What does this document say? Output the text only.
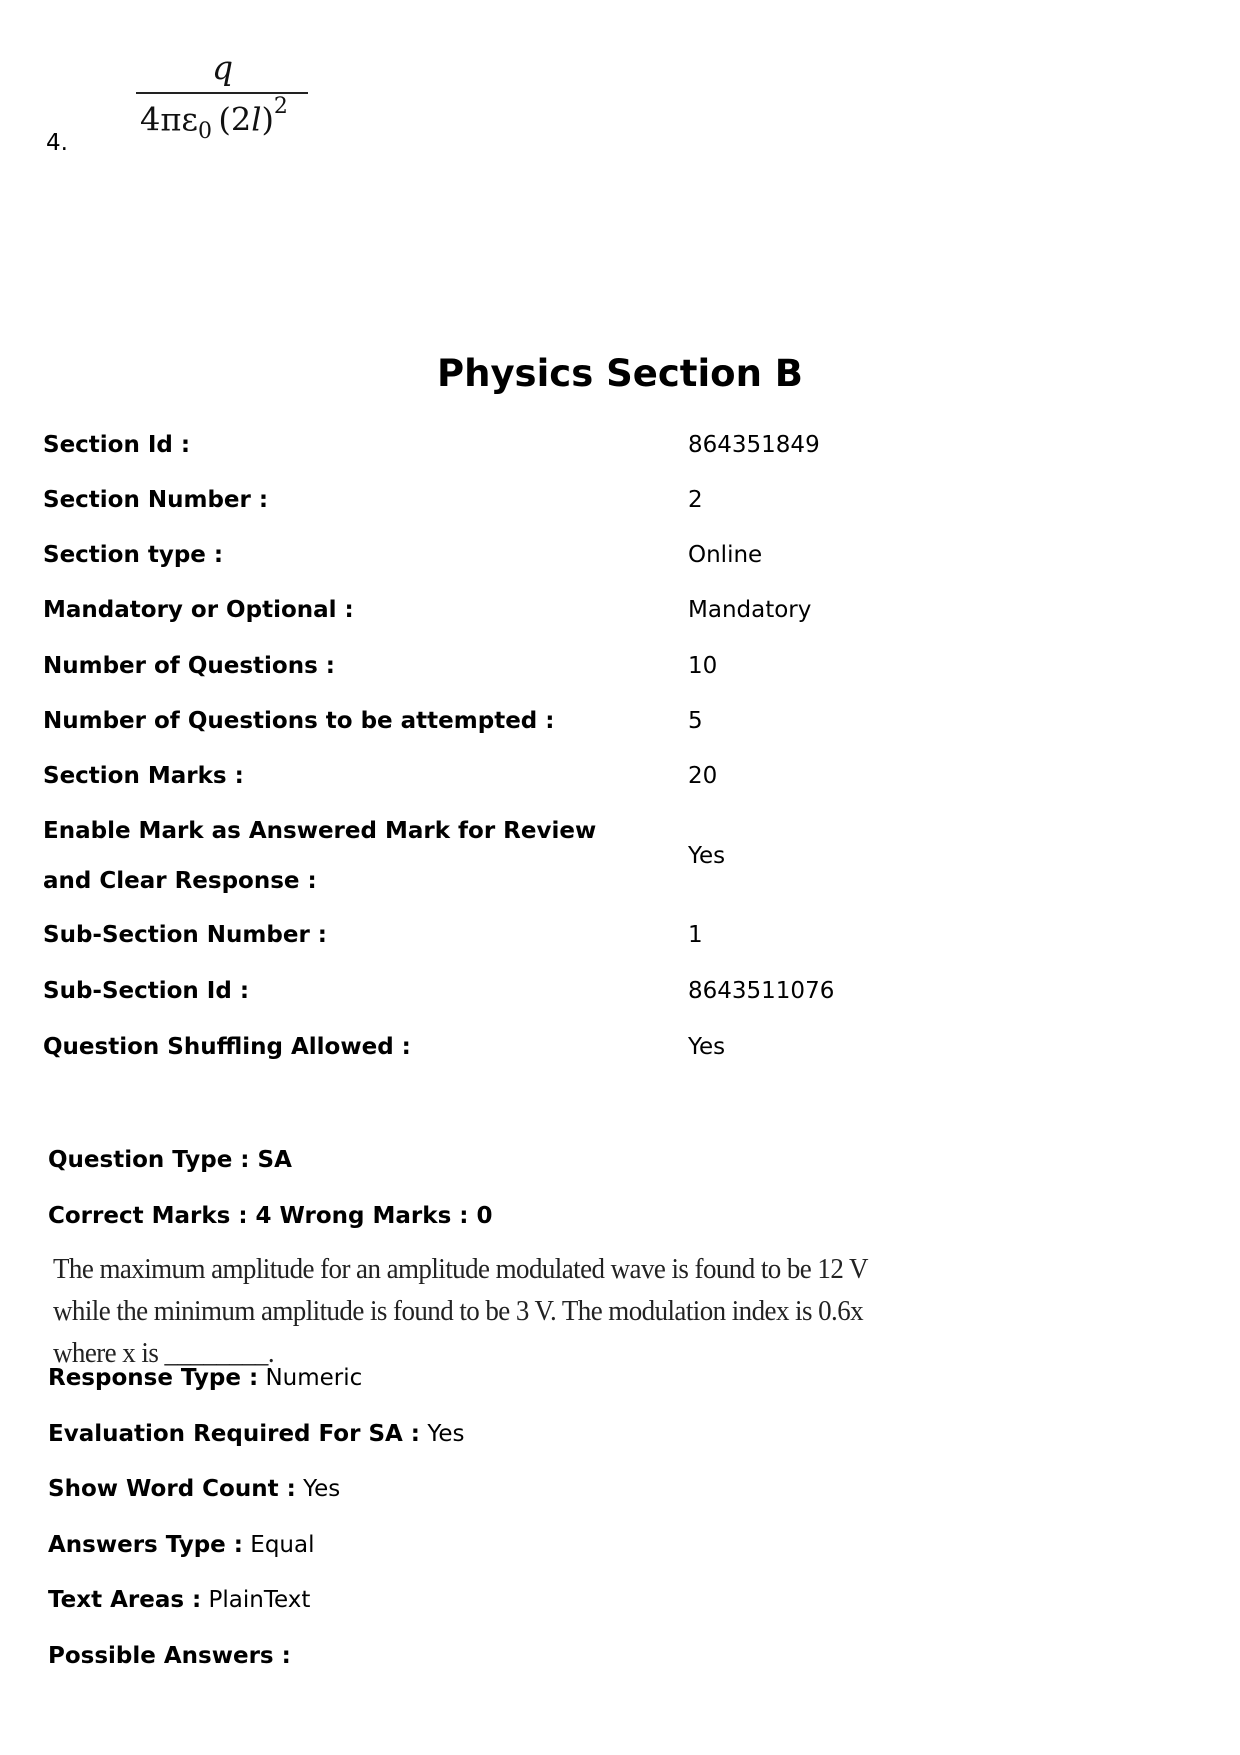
4.
q
$4\pi\varepsilon_0$ $(2l)^2$
Physics Section B
Section Id :	864351849
Section Number :	2
Section type :	Online
Mandatory or Optional :	Mandatory
Number of Questions :	10
Number of Questions to be attempted :	5
Section Marks :	20
Enable Mark as Answered Mark for Review and Clear Response :
Yes
Sub-Section Number :	1
Sub-Section Id :	8643511076
Question Shuffling Allowed :	Yes
Question Type : SA
Correct Marks : 4 Wrong Marks : 0
The maximum amplitude for an amplitude modulated wave is found to be 12 V while the minimum amplitude is found to be 3 V. The modulation index is 0.6x where x is ________.
Response Type : Numeric
Evaluation Required For SA : Yes
Show Word Count : Yes
Answers Type : Equal
Text Areas : PlainText
Possible Answers :
